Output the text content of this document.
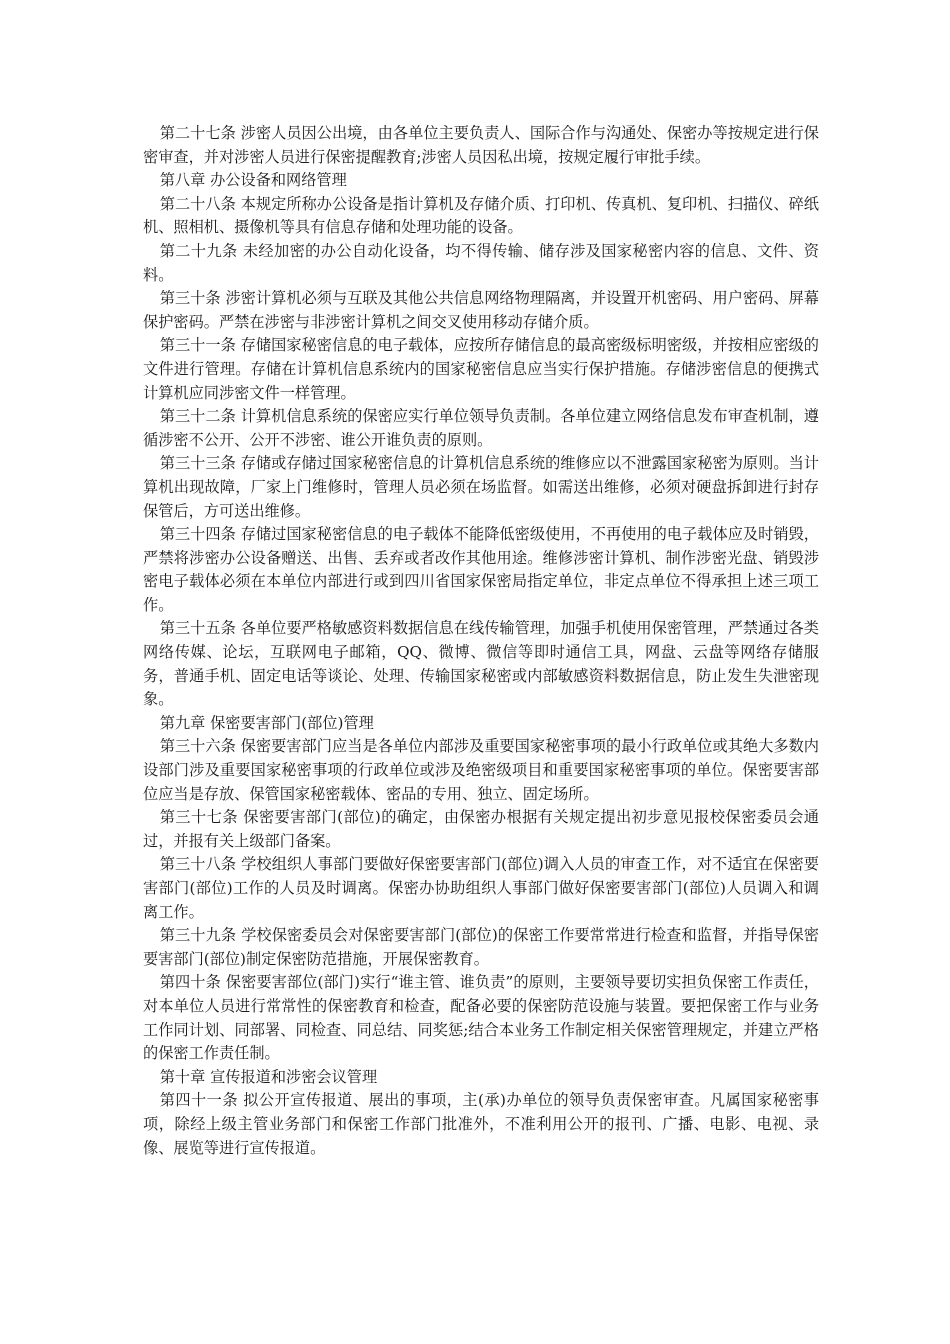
第二十七条 涉密人员因公出境，由各单位主要负责人、国际合作与沟通处、保密办等按规定进行保密审查，并对涉密人员进行保密提醒教育;涉密人员因私出境，按规定履行审批手续。

第八章 办公设备和网络管理

第二十八条 本规定所称办公设备是指计算机及存储介质、打印机、传真机、复印机、扫描仪、碎纸机、照相机、摄像机等具有信息存储和处理功能的设备。

第二十九条 未经加密的办公自动化设备，均不得传输、储存涉及国家秘密内容的信息、文件、资料。

第三十条 涉密计算机必须与互联及其他公共信息网络物理隔离，并设置开机密码、用户密码、屏幕保护密码。严禁在涉密与非涉密计算机之间交叉使用移动存储介质。

第三十一条 存储国家秘密信息的电子载体，应按所存储信息的最高密级标明密级，并按相应密级的文件进行管理。存储在计算机信息系统内的国家秘密信息应当实行保护措施。存储涉密信息的便携式计算机应同涉密文件一样管理。

第三十二条 计算机信息系统的保密应实行单位领导负责制。各单位建立网络信息发布审查机制，遵循涉密不公开、公开不涉密、谁公开谁负责的原则。

第三十三条 存储或存储过国家秘密信息的计算机信息系统的维修应以不泄露国家秘密为原则。当计算机出现故障，厂家上门维修时，管理人员必须在场监督。如需送出维修，必须对硬盘拆卸进行封存保管后，方可送出维修。

第三十四条 存储过国家秘密信息的电子载体不能降低密级使用，不再使用的电子载体应及时销毁，严禁将涉密办公设备赠送、出售、丢弃或者改作其他用途。维修涉密计算机、制作涉密光盘、销毁涉密电子载体必须在本单位内部进行或到四川省国家保密局指定单位，非定点单位不得承担上述三项工作。

第三十五条 各单位要严格敏感资料数据信息在线传输管理，加强手机使用保密管理，严禁通过各类网络传媒、论坛，互联网电子邮箱，QQ、微博、微信等即时通信工具，网盘、云盘等网络存储服务，普通手机、固定电话等谈论、处理、传输国家秘密或内部敏感资料数据信息，防止发生失泄密现象。

第九章 保密要害部门(部位)管理

第三十六条 保密要害部门应当是各单位内部涉及重要国家秘密事项的最小行政单位或其绝大多数内设部门涉及重要国家秘密事项的行政单位或涉及绝密级项目和重要国家秘密事项的单位。保密要害部位应当是存放、保管国家秘密载体、密品的专用、独立、固定场所。

第三十七条 保密要害部门(部位)的确定，由保密办根据有关规定提出初步意见报校保密委员会通过，并报有关上级部门备案。

第三十八条 学校组织人事部门要做好保密要害部门(部位)调入人员的审查工作，对不适宜在保密要害部门(部位)工作的人员及时调离。保密办协助组织人事部门做好保密要害部门(部位)人员调入和调离工作。

第三十九条 学校保密委员会对保密要害部门(部位)的保密工作要常常进行检查和监督，并指导保密要害部门(部位)制定保密防范措施，开展保密教育。

第四十条 保密要害部位(部门)实行“谁主管、谁负责”的原则，主要领导要切实担负保密工作责任，对本单位人员进行常常性的保密教育和检查，配备必要的保密防范设施与装置。要把保密工作与业务工作同计划、同部署、同检查、同总结、同奖惩;结合本业务工作制定相关保密管理规定，并建立严格的保密工作责任制。

第十章 宣传报道和涉密会议管理

第四十一条 拟公开宣传报道、展出的事项，主(承)办单位的领导负责保密审查。凡属国家秘密事项，除经上级主管业务部门和保密工作部门批准外，不准利用公开的报刊、广播、电影、电视、录像、展览等进行宣传报道。
